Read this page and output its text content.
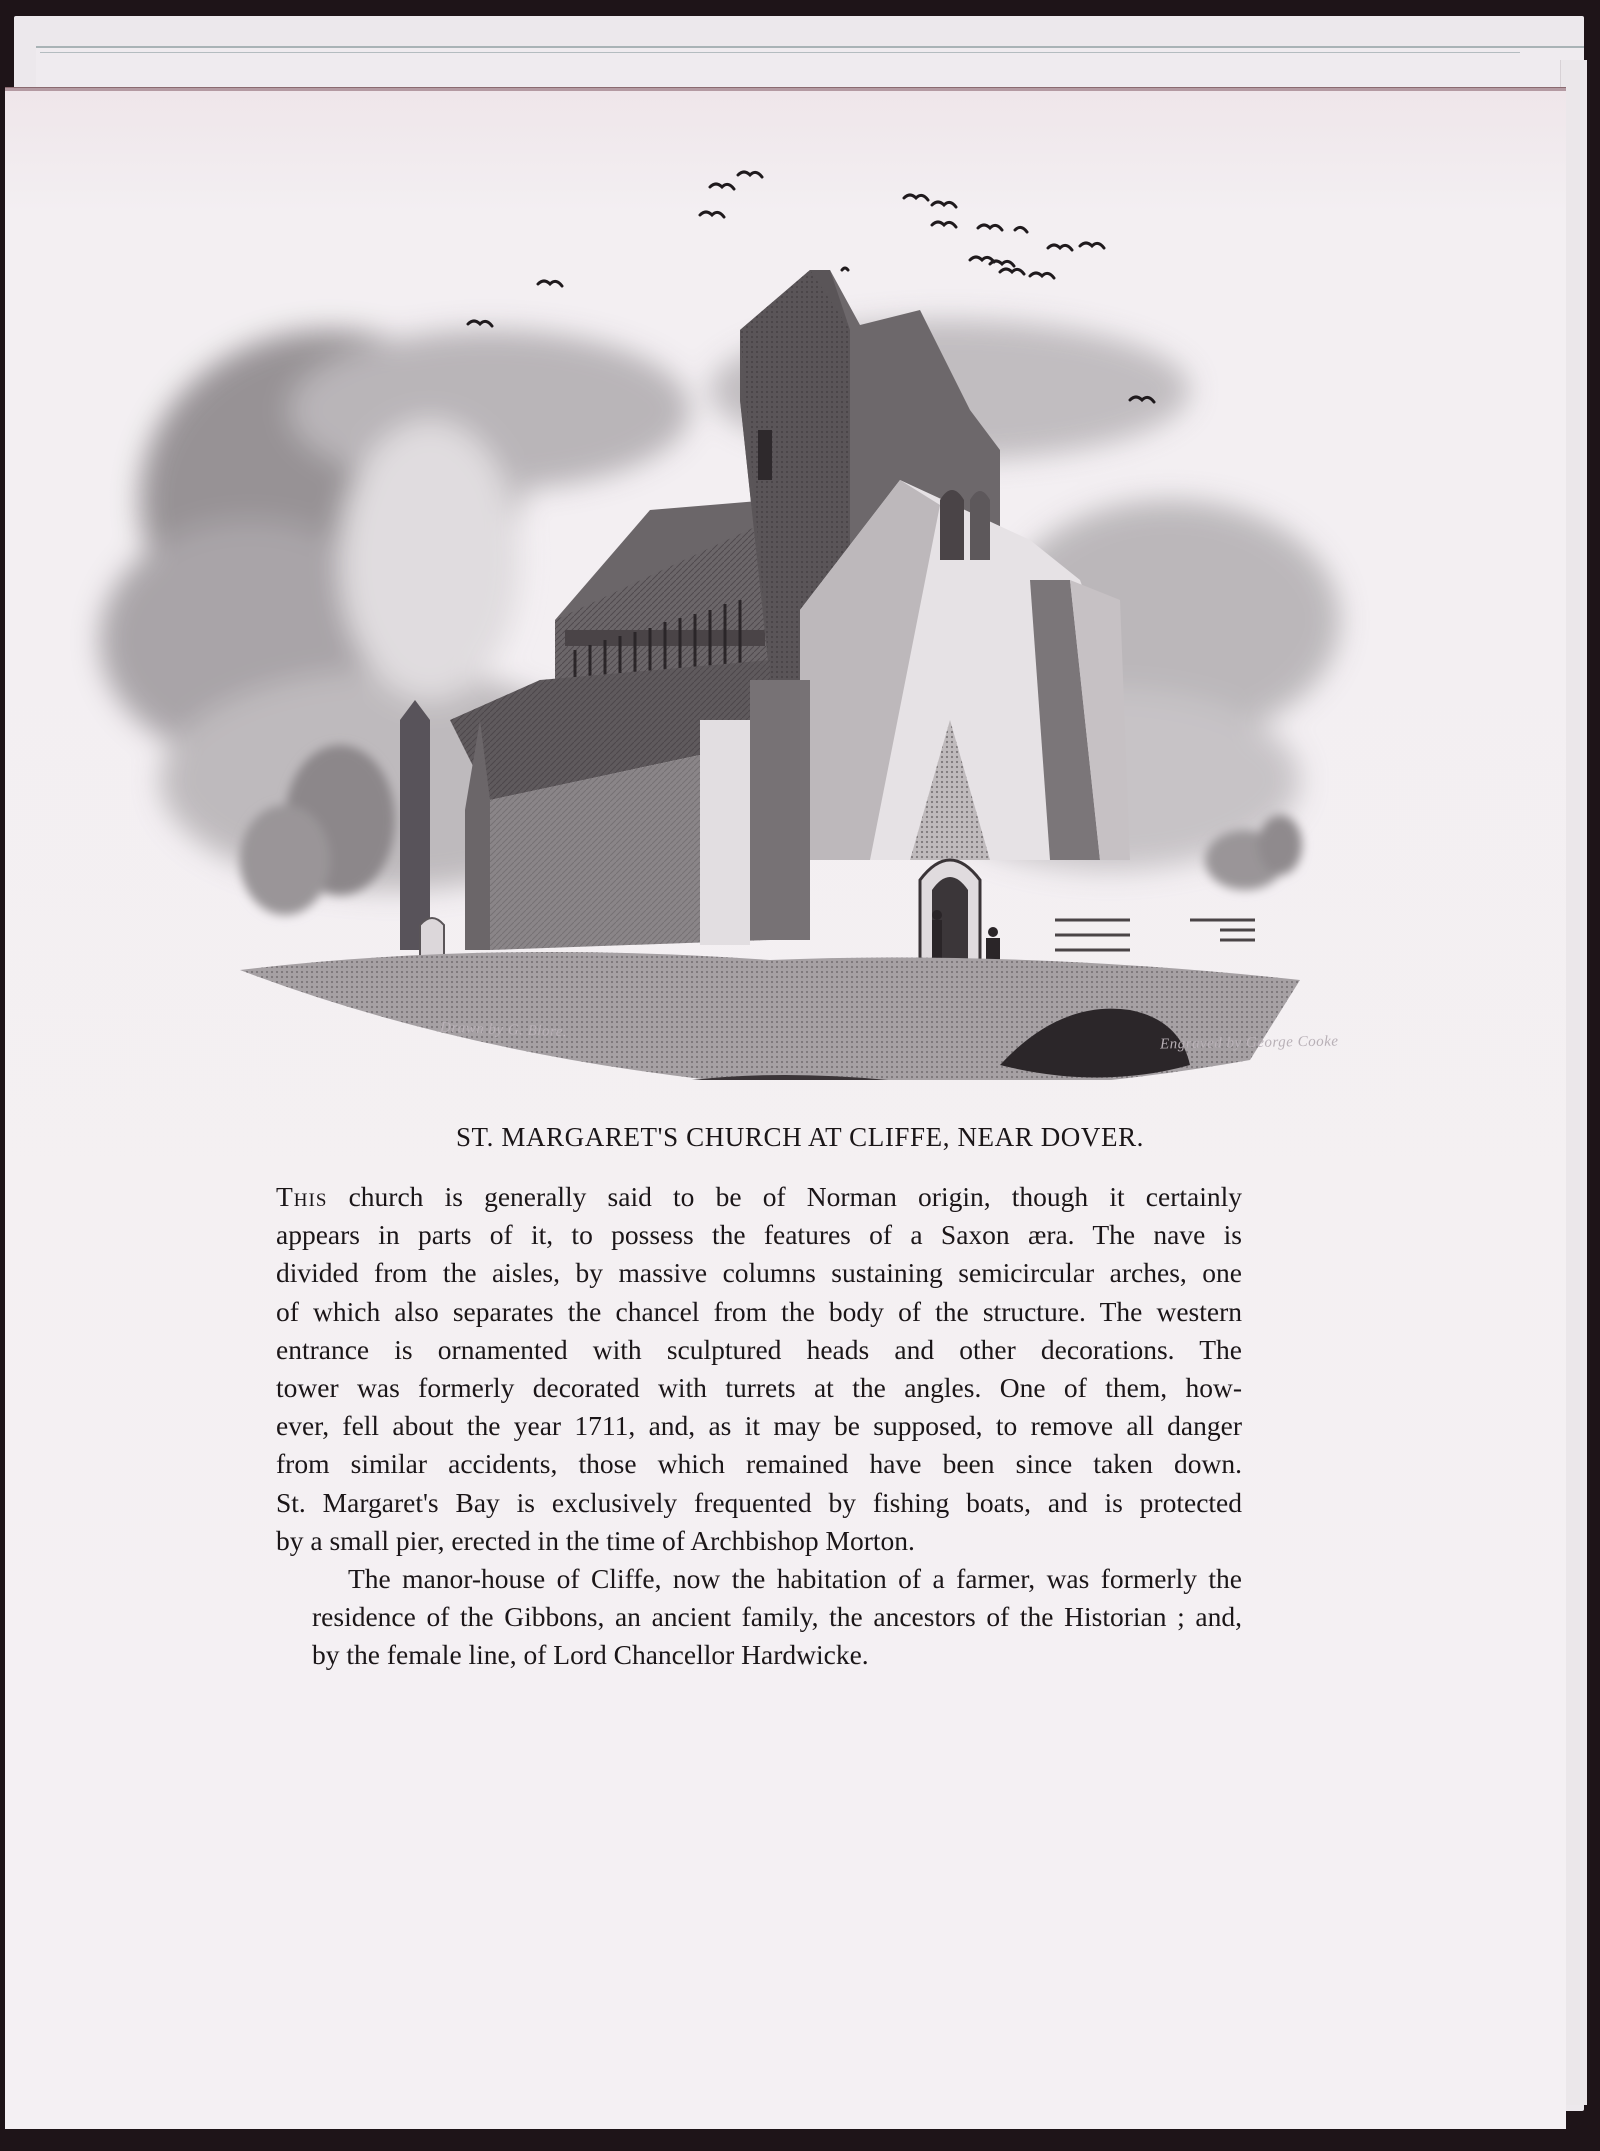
Drawn by G. Blore.
Engraved by George Cooke
ST. MARGARET'S CHURCH AT CLIFFE, NEAR DOVER.

This church is generally said to be of Norman origin, though it certainly
appears in parts of it, to possess the features of a Saxon æra. The nave is
divided from the aisles, by massive columns sustaining semicircular arches, one
of which also separates the chancel from the body of the structure. The western
entrance is ornamented with sculptured heads and other decorations. The
tower was formerly decorated with turrets at the angles. One of them, how-
ever, fell about the year 1711, and, as it may be supposed, to remove all danger
from similar accidents, those which remained have been since taken down.
St. Margaret's Bay is exclusively frequented by fishing boats, and is protected
by a small pier, erected in the time of Archbishop Morton.

The manor-house of Cliffe, now the habitation of a farmer, was formerly the
residence of the Gibbons, an ancient family, the ancestors of the Historian ; and,
by the female line, of Lord Chancellor Hardwicke.
